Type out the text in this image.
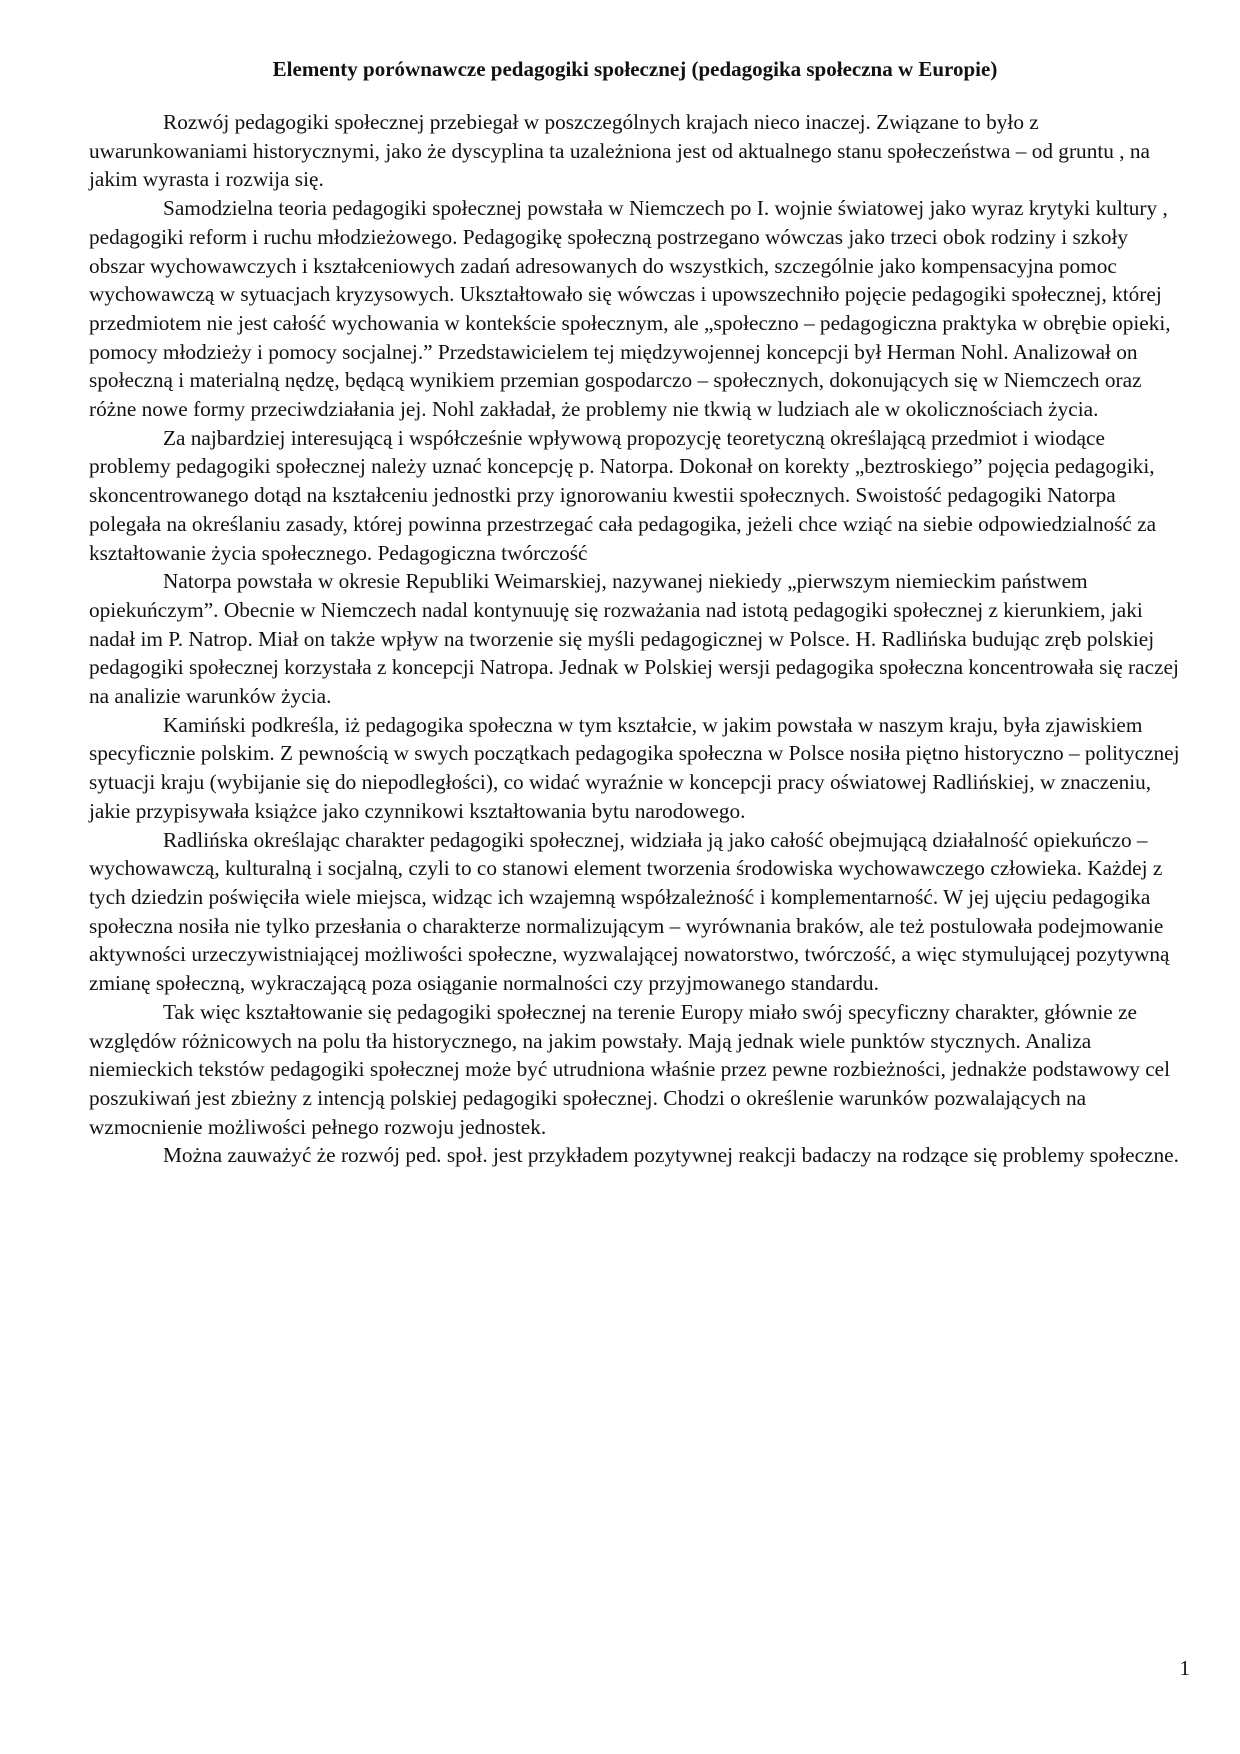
Elementy porównawcze pedagogiki społecznej (pedagogika społeczna w Europie)

Rozwój pedagogiki społecznej przebiegał w poszczególnych krajach nieco inaczej. Związane to było z uwarunkowaniami historycznymi, jako że dyscyplina ta uzależniona jest od aktualnego stanu społeczeństwa – od gruntu , na jakim wyrasta i rozwija się.

Samodzielna teoria pedagogiki społecznej powstała w Niemczech po I. wojnie światowej jako wyraz krytyki kultury , pedagogiki reform i ruchu młodzieżowego. Pedagogikę społeczną postrzegano wówczas jako trzeci obok rodziny i szkoły obszar wychowawczych i kształceniowych zadań adresowanych do wszystkich, szczególnie jako kompensacyjna pomoc wychowawczą w sytuacjach kryzysowych. Ukształtowało się wówczas i upowszechniło pojęcie pedagogiki społecznej, której przedmiotem nie jest całość wychowania w kontekście społecznym, ale „społeczno – pedagogiczna praktyka w obrębie opieki, pomocy młodzieży i pomocy socjalnej.” Przedstawicielem tej międzywojennej koncepcji był Herman Nohl. Analizował on społeczną i materialną nędzę, będącą wynikiem przemian gospodarczo – społecznych, dokonujących się w Niemczech oraz różne nowe formy przeciwdziałania jej. Nohl zakładał, że problemy nie tkwią w ludziach ale w okolicznościach życia.

Za najbardziej interesującą i współcześnie wpływową propozycję teoretyczną określającą przedmiot i wiodące problemy pedagogiki społecznej należy uznać koncepcję p. Natorpa. Dokonał on korekty „beztroskiego” pojęcia pedagogiki, skoncentrowanego dotąd na kształceniu jednostki przy ignorowaniu kwestii społecznych. Swoistość pedagogiki Natorpa polegała na określaniu zasady, której powinna przestrzegać cała pedagogika, jeżeli chce wziąć na siebie odpowiedzialność za kształtowanie życia społecznego. Pedagogiczna twórczość

Natorpa powstała w okresie Republiki Weimarskiej, nazywanej niekiedy „pierwszym niemieckim państwem opiekuńczym”. Obecnie w Niemczech nadal kontynuuję się rozważania nad istotą pedagogiki społecznej z kierunkiem, jaki nadał im P. Natrop. Miał on także wpływ na tworzenie się myśli pedagogicznej w Polsce. H. Radlińska budując zręb polskiej pedagogiki społecznej korzystała z koncepcji Natropa. Jednak w Polskiej wersji pedagogika społeczna koncentrowała się raczej na analizie warunków życia.

Kamiński podkreśla, iż pedagogika społeczna w tym kształcie, w jakim powstała w naszym kraju, była zjawiskiem specyficznie polskim. Z pewnością w swych początkach pedagogika społeczna w Polsce nosiła piętno historyczno – politycznej sytuacji kraju (wybijanie się do niepodległości), co widać wyraźnie w koncepcji pracy oświatowej Radlińskiej, w znaczeniu, jakie przypisywała książce jako czynnikowi kształtowania bytu narodowego.

Radlińska określając charakter pedagogiki społecznej, widziała ją jako całość obejmującą działalność opiekuńczo – wychowawczą, kulturalną i socjalną, czyli to co stanowi element tworzenia środowiska wychowawczego człowieka. Każdej z tych dziedzin poświęciła wiele miejsca, widząc ich wzajemną współzależność i komplementarność. W jej ujęciu pedagogika społeczna nosiła nie tylko przesłania o charakterze normalizującym – wyrównania braków, ale też postulowała podejmowanie aktywności urzeczywistniającej możliwości społeczne, wyzwalającej nowatorstwo, twórczość, a więc stymulującej pozytywną zmianę społeczną, wykraczającą poza osiąganie normalności czy przyjmowanego standardu.

Tak więc kształtowanie się pedagogiki społecznej na terenie Europy miało swój specyficzny charakter, głównie ze względów różnicowych na polu tła historycznego, na jakim powstały. Mają jednak wiele punktów stycznych. Analiza niemieckich tekstów pedagogiki społecznej może być utrudniona właśnie przez pewne rozbieżności, jednakże podstawowy cel poszukiwań jest zbieżny z intencją polskiej pedagogiki społecznej. Chodzi o określenie warunków pozwalających na wzmocnienie możliwości pełnego rozwoju jednostek.

Można zauważyć że rozwój ped. społ. jest przykładem pozytywnej reakcji badaczy na rodzące się problemy społeczne.

1
